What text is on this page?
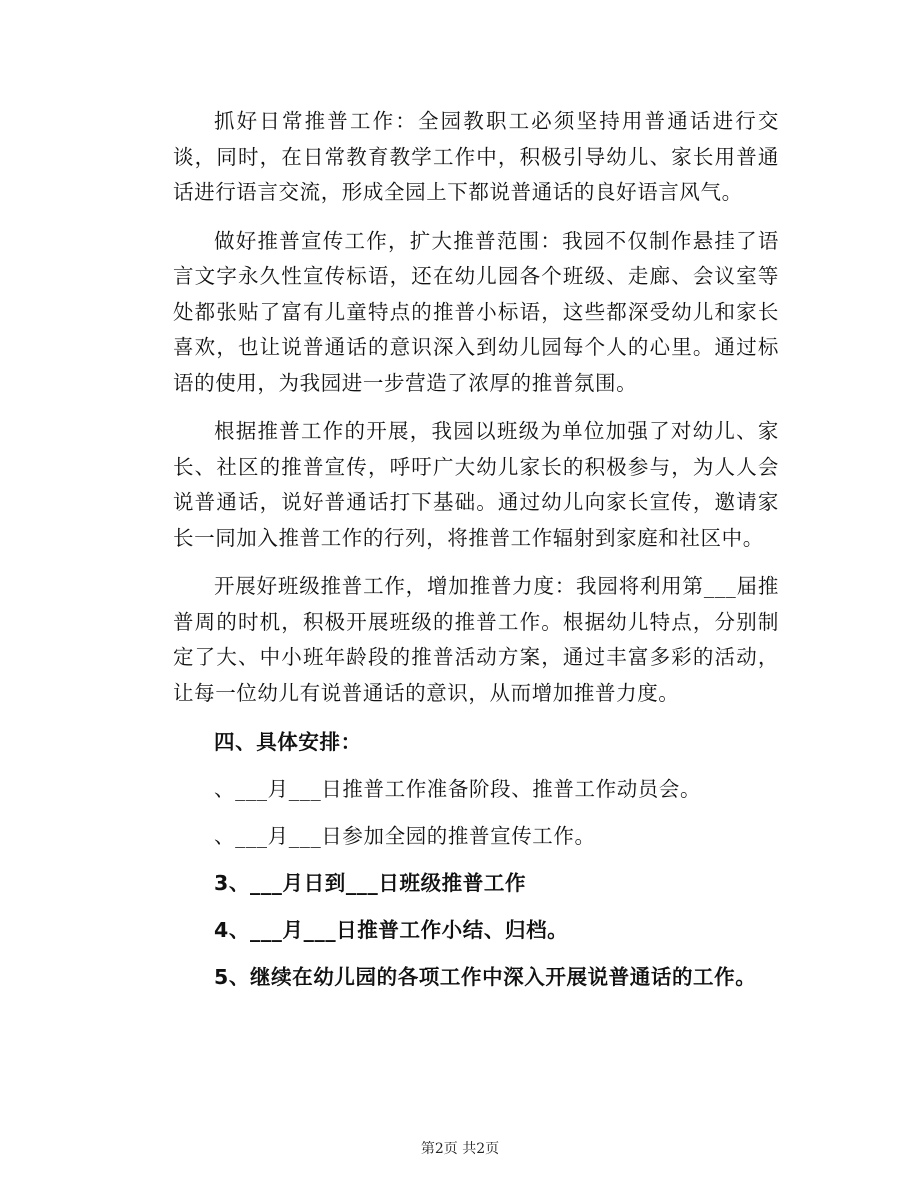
抓好日常推普工作：全园教职工必须坚持用普通话进行交谈，同时，在日常教育教学工作中，积极引导幼儿、家长用普通话进行语言交流，形成全园上下都说普通话的良好语言风气。

做好推普宣传工作，扩大推普范围：我园不仅制作悬挂了语言文字永久性宣传标语，还在幼儿园各个班级、走廊、会议室等处都张贴了富有儿童特点的推普小标语，这些都深受幼儿和家长喜欢，也让说普通话的意识深入到幼儿园每个人的心里。通过标语的使用，为我园进一步营造了浓厚的推普氛围。

根据推普工作的开展，我园以班级为单位加强了对幼儿、家长、社区的推普宣传，呼吁广大幼儿家长的积极参与，为人人会说普通话，说好普通话打下基础。通过幼儿向家长宣传，邀请家长一同加入推普工作的行列，将推普工作辐射到家庭和社区中。

开展好班级推普工作，增加推普力度：我园将利用第___届推普周的时机，积极开展班级的推普工作。根据幼儿特点，分别制定了大、中小班年龄段的推普活动方案，通过丰富多彩的活动，让每一位幼儿有说普通话的意识，从而增加推普力度。

四、具体安排：

、___月___日推普工作准备阶段、推普工作动员会。

、___月___日参加全园的推普宣传工作。

3、___月日到___日班级推普工作

4、___月___日推普工作小结、归档。

5、继续在幼儿园的各项工作中深入开展说普通话的工作。

第2页 共2页
